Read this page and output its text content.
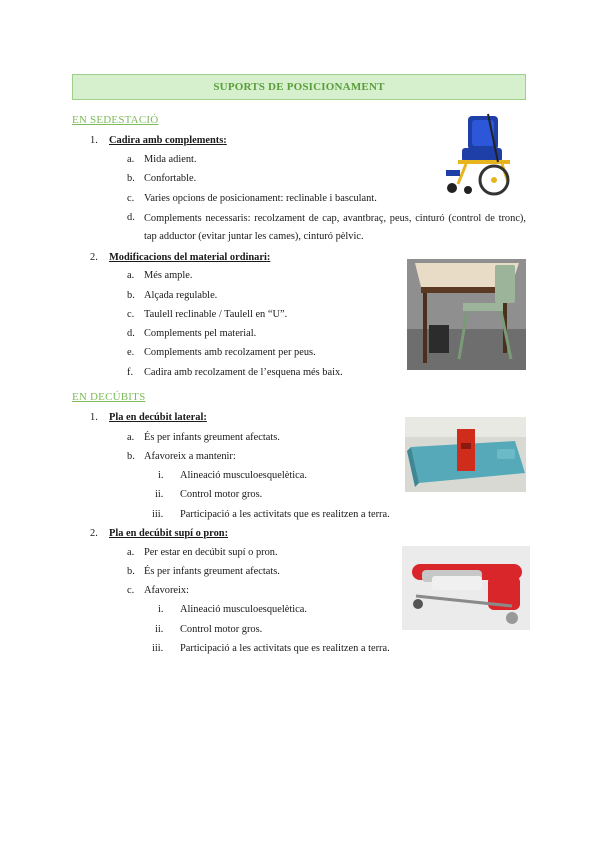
SUPORTS DE POSICIONAMENT
EN SEDESTACIÓ
1. Cadira amb complements:
a. Mida adient.
b. Confortable.
c. Varies opcions de posicionament: reclinable i basculant.
d. Complements necessaris: recolzament de cap, avantbraç, peus, cinturó (control de tronc), tap adductor (evitar juntar les cames), cinturó pèlvic.
2. Modificacions del material ordinari:
a. Més ample.
b. Alçada regulable.
c. Taulell reclinable / Taulell en “U”.
d. Complements pel material.
e. Complements amb recolzament per peus.
f. Cadira amb recolzament de l’esquena més baix.
EN DECÚBITS
1. Pla en decúbit lateral:
a. És per infants greument afectats.
b. Afavoreix a mantenir:
i. Alineació musculoesquelètica.
ii. Control motor gros.
iii. Participació a les activitats que es realitzen a terra.
2. Pla en decúbit supí o pron:
a. Per estar en decúbit supí o pron.
b. És per infants greument afectats.
c. Afavoreix:
i. Alineació musculoesquelètica.
ii. Control motor gros.
iii. Participació a les activitats que es realitzen a terra.
